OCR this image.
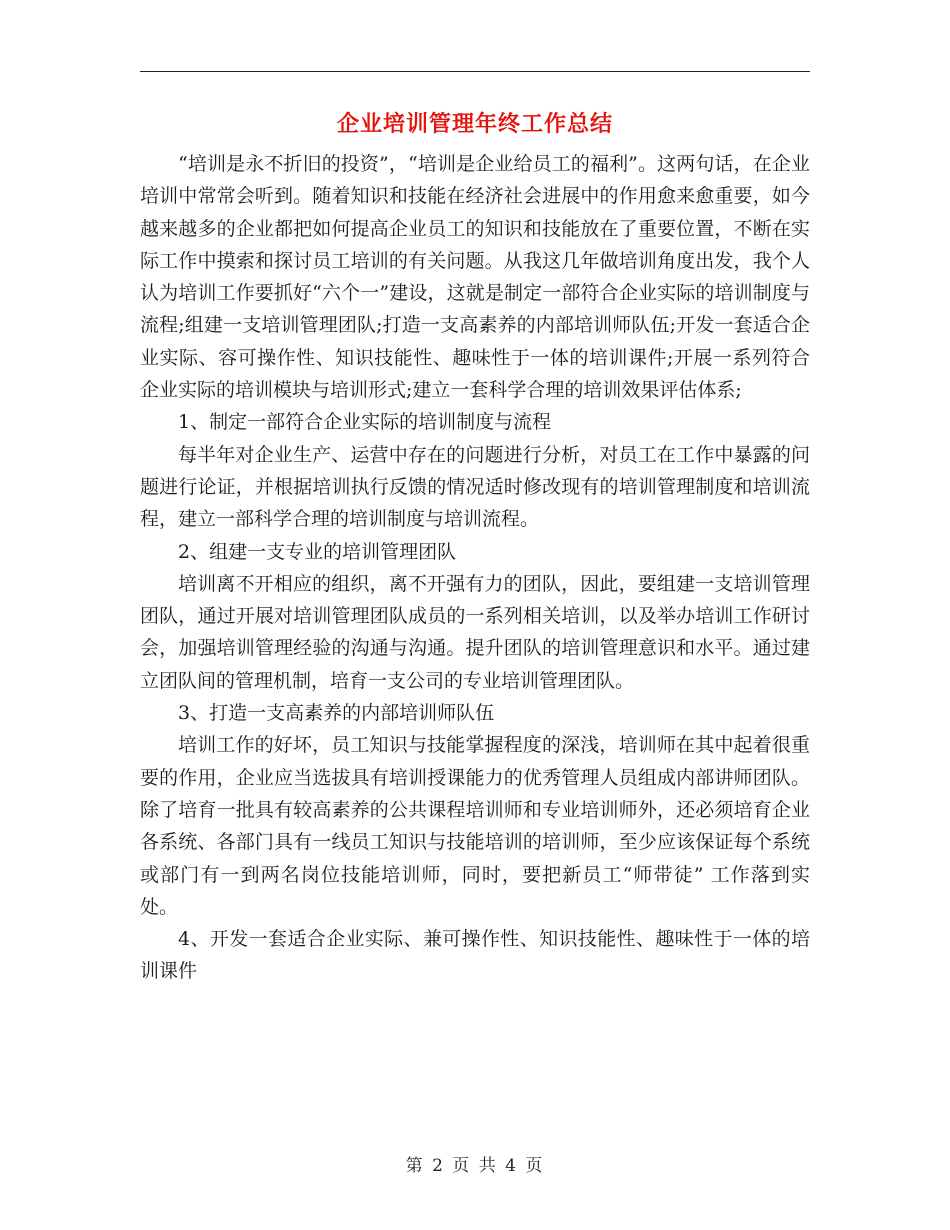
企业培训管理年终工作总结

“培训是永不折旧的投资”，“培训是企业给员工的福利”。这两句话，在企业培训中常常会听到。随着知识和技能在经济社会进展中的作用愈来愈重要，如今越来越多的企业都把如何提高企业员工的知识和技能放在了重要位置，不断在实际工作中摸索和探讨员工培训的有关问题。从我这几年做培训角度出发，我个人认为培训工作要抓好“六个一”建设，这就是制定一部符合企业实际的培训制度与流程;组建一支培训管理团队;打造一支高素养的内部培训师队伍;开发一套适合企业实际、容可操作性、知识技能性、趣味性于一体的培训课件;开展一系列符合企业实际的培训模块与培训形式;建立一套科学合理的培训效果评估体系;

1、制定一部符合企业实际的培训制度与流程

每半年对企业生产、运营中存在的问题进行分析，对员工在工作中暴露的问题进行论证，并根据培训执行反馈的情况适时修改现有的培训管理制度和培训流程，建立一部科学合理的培训制度与培训流程。

2、组建一支专业的培训管理团队

培训离不开相应的组织，离不开强有力的团队，因此，要组建一支培训管理团队，通过开展对培训管理团队成员的一系列相关培训，以及举办培训工作研讨会，加强培训管理经验的沟通与沟通。提升团队的培训管理意识和水平。通过建立团队间的管理机制，培育一支公司的专业培训管理团队。

3、打造一支高素养的内部培训师队伍

培训工作的好坏，员工知识与技能掌握程度的深浅，培训师在其中起着很重要的作用，企业应当选拔具有培训授课能力的优秀管理人员组成内部讲师团队。除了培育一批具有较高素养的公共课程培训师和专业培训师外，还必须培育企业各系统、各部门具有一线员工知识与技能培训的培训师，至少应该保证每个系统或部门有一到两名岗位技能培训师，同时，要把新员工“师带徒” 工作落到实处。

4、开发一套适合企业实际、兼可操作性、知识技能性、趣味性于一体的培训课件

第 2 页 共 4 页
